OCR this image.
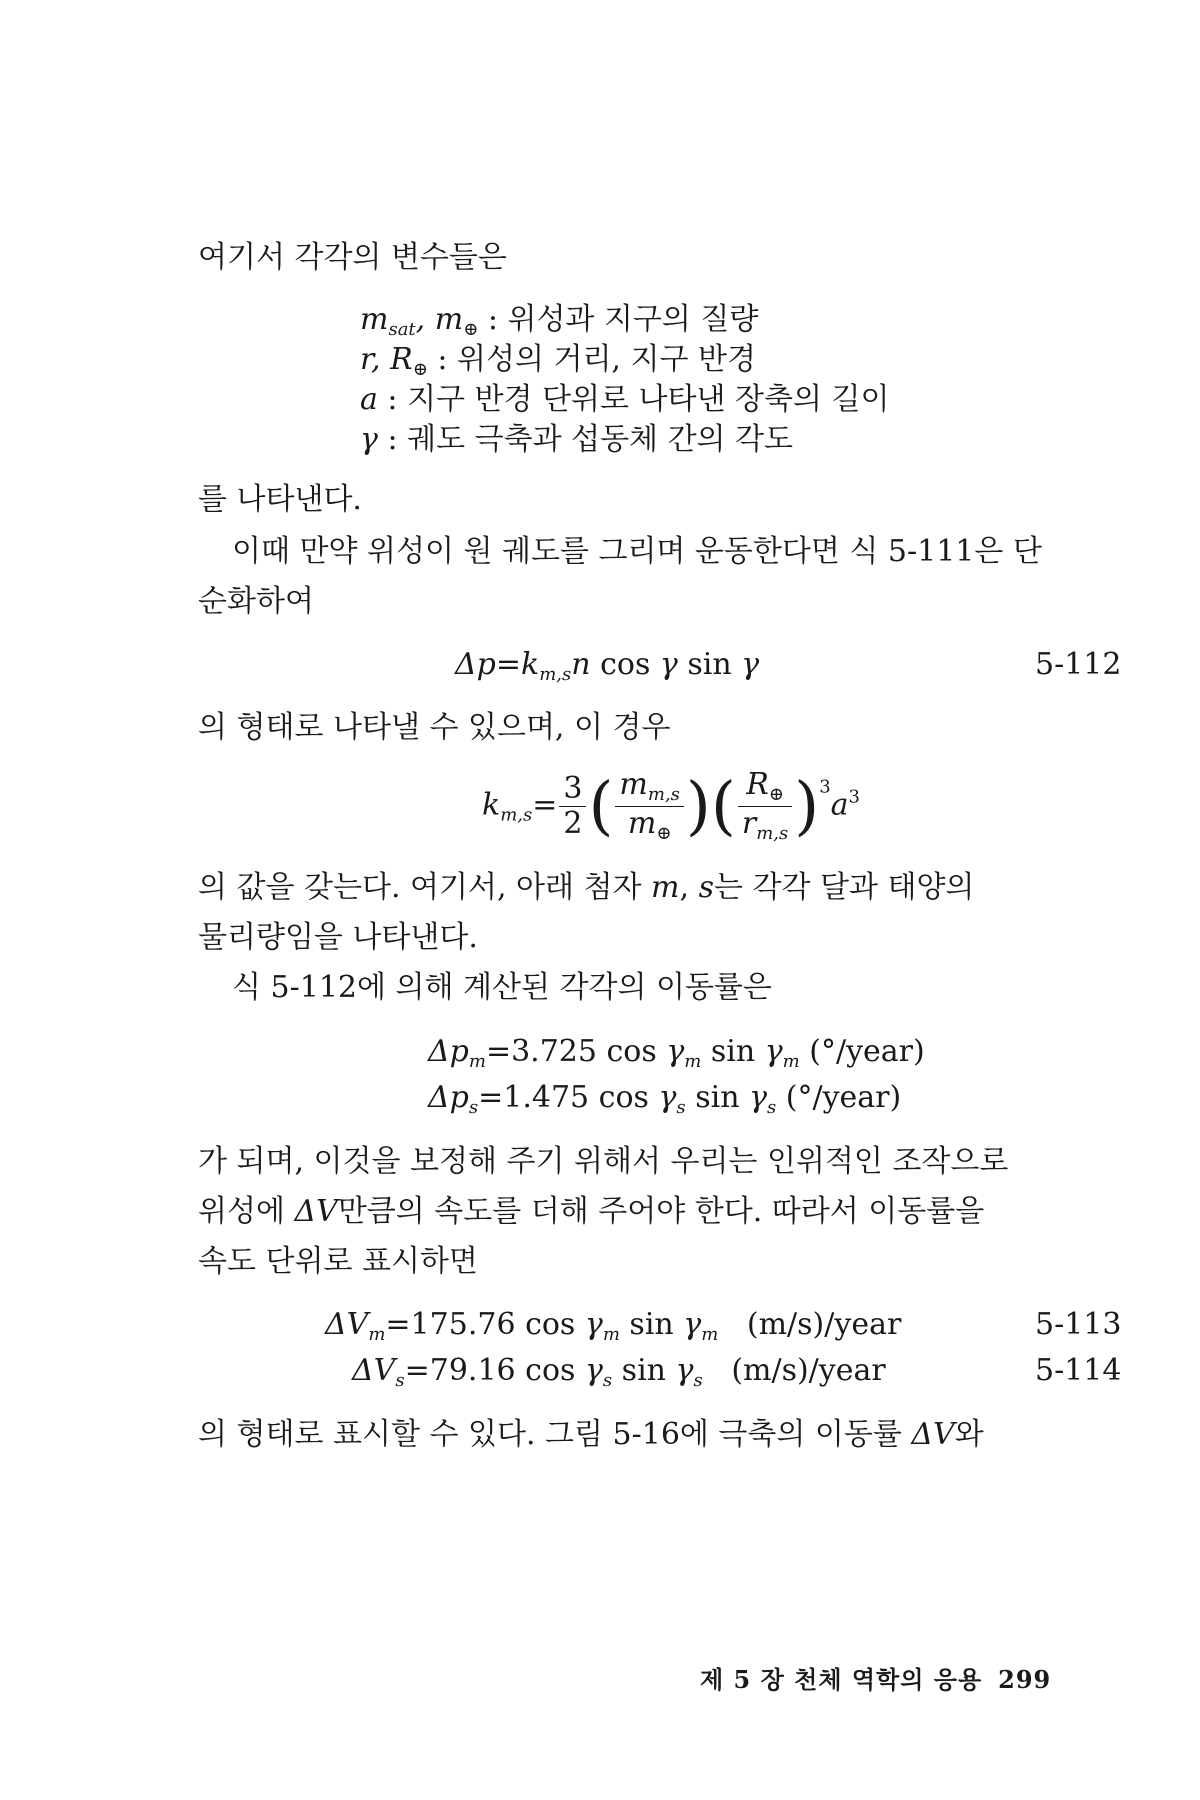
여기서 각각의 변수들은
$m_{sat}$, $m_\oplus$ : 위성과 지구의 질량
r, $R_\oplus$ : 위성의 거리, 지구 반경
a : 지구 반경 단위로 나타낸 장축의 길이
γ : 궤도 극축과 섭동체 간의 각도
를 나타낸다.
이때 만약 위성이 원 궤도를 그리며 운동한다면 식 5-111은 단
순화하여
$\Delta p=k_{m,s}n$ cos γ sin γ	5-112
의 형태로 나타낼 수 있으며, 이 경우
$k_{m,s}= \frac{3}{2}$ ( $\frac{m_{m,s}}{m_\oplus}$ )( $\frac{R_\oplus}{r_{m,s}} )^3a^3$
의 값을 갖는다. 여기서, 아래 첨자 m, s는 각각 달과 태양의
물리량임을 나타낸다.
식 5-112에 의해 계산된 각각의 이동률은
$\Delta p_m=3.725$ $\cos \gamma_m$ $\sin \gamma_m$ (°/year)
$\Delta p_s=1.475$ $\cos \gamma_s$ $\sin \gamma_s$ (°/year)
가 되며, 이것을 보정해 주기 위해서 우리는 인위적인 조작으로
위성에 ΔV만큼의 속도를 더해 주어야 한다. 따라서 이동률을
속도 단위로 표시하면
$\Delta V_m=175.76$ $\cos \gamma_m$ $\sin \gamma_m$   (m/s)/year	5-113
$\Delta V_s=79.16$ $\cos \gamma_s$ $\sin \gamma_s$   (m/s)/year	5-114
의 형태로 표시할 수 있다. 그림 5-16에 극축의 이동률 ΔV와
제 5 장 천체 역학의 응용 299
